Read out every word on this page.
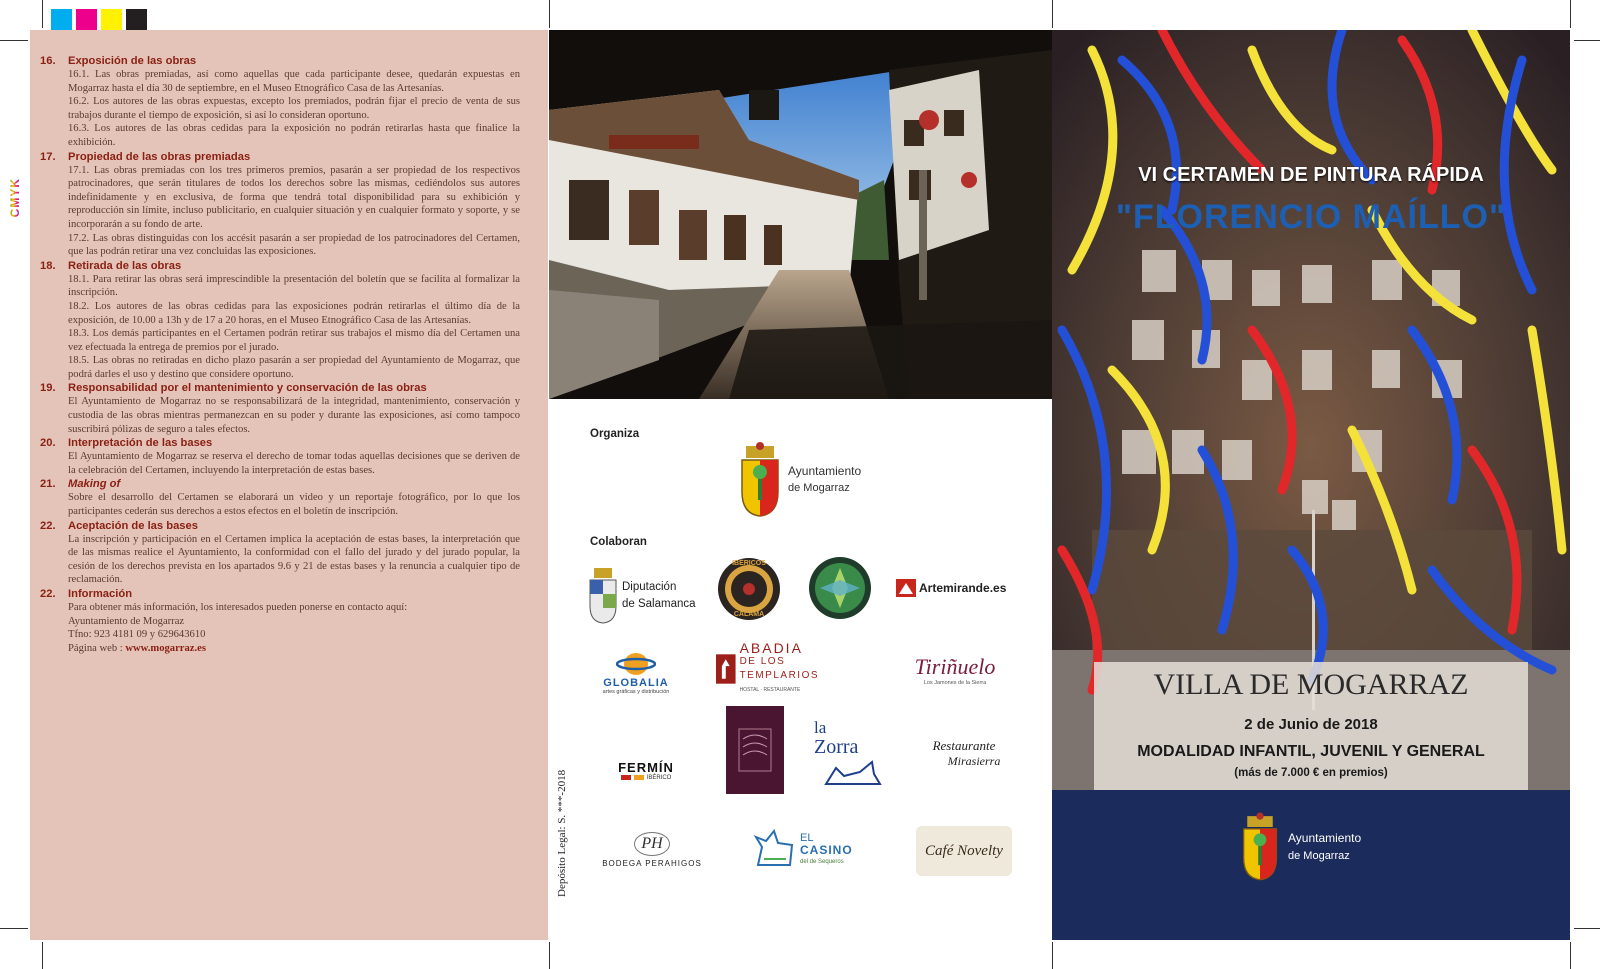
CMYK
16.	Exposición de las obras

16.1. Las obras premiadas, así como aquellas que cada participante desee, quedarán expuestas en Mogarraz hasta el día 30 de septiembre, en el Museo Etnográfico Casa de las Artesanías.

16.2. Los autores de las obras expuestas, excepto los premiados, podrán fijar el precio de venta de sus trabajos durante el tiempo de exposición, si así lo consideran oportuno.

16.3. Los autores de las obras cedidas para la exposición no podrán retirarlas hasta que finalice la exhibición.

17.	Propiedad de las obras premiadas

17.1. Las obras premiadas con los tres primeros premios, pasarán a ser propiedad de los respectivos patrocinadores, que serán titulares de todos los derechos sobre las mismas, cediéndolos sus autores indefinidamente y en exclusiva, de forma que tendrá total disponibilidad para su exhibición y reproducción sin límite, incluso publicitario, en cualquier situación y en cualquier formato y soporte, y se incorporarán a su fondo de arte.

17.2. Las obras distinguidas con los accésit pasarán a ser propiedad de los patrocinadores del Certamen, que las podrán retirar una vez concluidas las exposiciones.

18.	Retirada de las obras

18.1. Para retirar las obras será imprescindible la presentación del boletín que se facilita al formalizar la inscripción.

18.2. Los autores de las obras cedidas para las exposiciones podrán retirarlas el último día de la exposición, de 10.00 a 13h y de 17 a 20 horas, en el Museo Etnográfico Casa de las Artesanías.

18.3. Los demás participantes en el Certamen podrán retirar sus trabajos el mismo día del Certamen una vez efectuada la entrega de premios por el jurado.

18.5. Las obras no retiradas en dicho plazo pasarán a ser propiedad del Ayuntamiento de Mogarraz, que podrá darles el uso y destino que considere oportuno.

19.	Responsabilidad por el mantenimiento y conservación de las obras

El Ayuntamiento de Mogarraz no se responsabilizará de la integridad, mantenimiento, conservación y custodia de las obras mientras permanezcan en su poder y durante las exposiciones, así como tampoco suscribirá pólizas de seguro a tales efectos.

20.	Interpretación de las bases

El Ayuntamiento de Mogarraz se reserva el derecho de tomar todas aquellas decisiones que se deriven de la celebración del Certamen, incluyendo la interpretación de estas bases.

21.	Making of

Sobre el desarrollo del Certamen se elaborará un video y un reportaje fotográfico, por lo que los participantes cederán sus derechos a estos efectos en el boletín de inscripción.

22.	Aceptación de las bases

La inscripción y participación en el Certamen implica la aceptación de estas bases, la interpretación que de las mismas realice el Ayuntamiento, la conformidad con el fallo del jurado y del jurado popular, la cesión de los derechos prevista en los apartados 9.6 y 21 de estas bases y la renuncia a cualquier tipo de reclamación.

22.	Información

Para obtener más información, los interesados pueden ponerse en contacto aquí:

Ayuntamiento de Mogarraz

Tfno: 923 4181 09 y 629643610

Página web : www.mogarraz.es

Organiza
Ayuntamiento
de Mogarraz
Colaboran
Diputación
de Salamanca
IBÉRICOS
CALAMA
Artemirande.es
GLOBALIA
artes gráficas y distribución
ABADIA
DE LOS TEMPLARIOS
HOSTAL · RESTAURANTE
Tiriñuelo
Los Jamones de la Sierra
FERMÍN
IBÉRICO
la
Zorra	Restaurante
Mirasierra
PH
BODEGA PERAHIGOS
EL
CASINO
del de Sequeros
Café Novelty
Depósito Legal: S. ***-2018
VI CERTAMEN DE PINTURA RÁPIDA
"FLORENCIO MAÍLLO"
VILLA DE MOGARRAZ
2 de Junio de 2018
MODALIDAD INFANTIL, JUVENIL Y GENERAL
(más de 7.000 € en premios)
Ayuntamiento
de Mogarraz
